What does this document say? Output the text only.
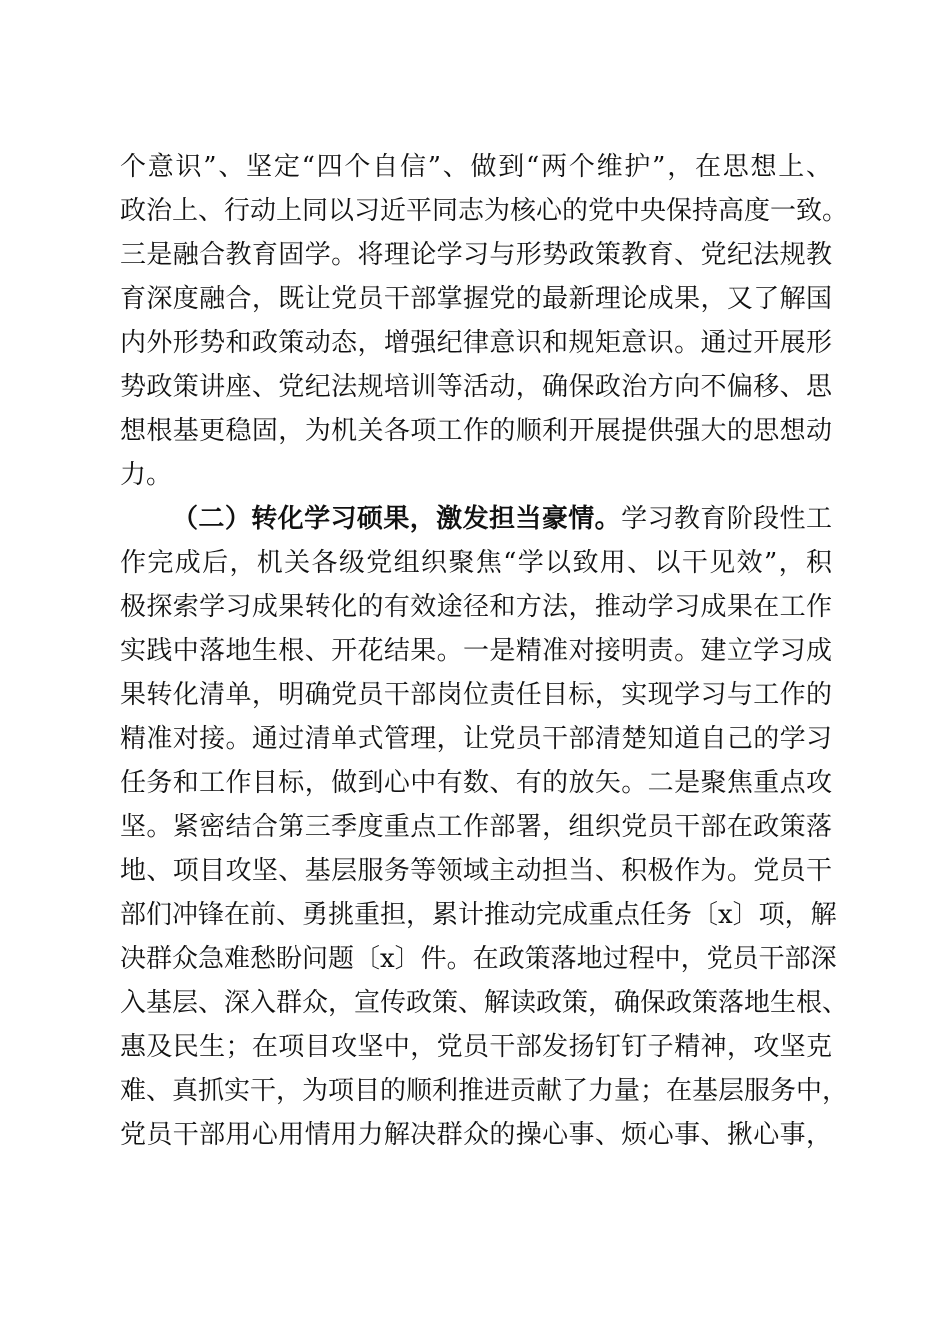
个意识”、坚定“四个自信”、做到“两个维护”，在思想上、
政治上、行动上同以习近平同志为核心的党中央保持高度一致。
三是融合教育固学。将理论学习与形势政策教育、党纪法规教
育深度融合，既让党员干部掌握党的最新理论成果，又了解国
内外形势和政策动态，增强纪律意识和规矩意识。通过开展形
势政策讲座、党纪法规培训等活动，确保政治方向不偏移、思
想根基更稳固，为机关各项工作的顺利开展提供强大的思想动
力。
（二）转化学习硕果，激发担当豪情。学习教育阶段性工
作完成后，机关各级党组织聚焦“学以致用、以干见效”，积
极探索学习成果转化的有效途径和方法，推动学习成果在工作
实践中落地生根、开花结果。一是精准对接明责。建立学习成
果转化清单，明确党员干部岗位责任目标，实现学习与工作的
精准对接。通过清单式管理，让党员干部清楚知道自己的学习
任务和工作目标，做到心中有数、有的放矢。二是聚焦重点攻
坚。紧密结合第三季度重点工作部署，组织党员干部在政策落
地、项目攻坚、基层服务等领域主动担当、积极作为。党员干
部们冲锋在前、勇挑重担，累计推动完成重点任务〔x〕项，解
决群众急难愁盼问题〔x〕件。在政策落地过程中，党员干部深
入基层、深入群众，宣传政策、解读政策，确保政策落地生根、
惠及民生；在项目攻坚中，党员干部发扬钉钉子精神，攻坚克
难、真抓实干，为项目的顺利推进贡献了力量；在基层服务中，
党员干部用心用情用力解决群众的操心事、烦心事、揪心事，
